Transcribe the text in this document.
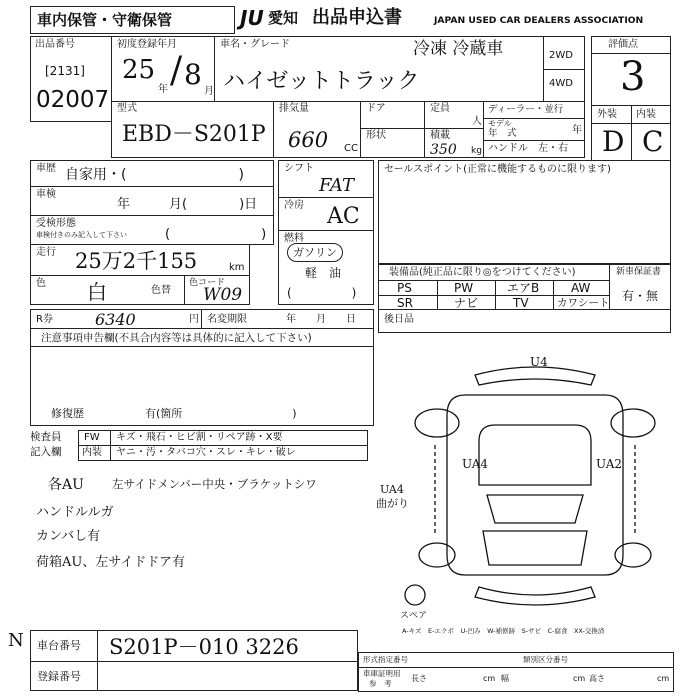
車内保管・守衛保管	JU 愛知 出品申込書	JAPAN USED CAR DEALERS ASSOCIATION
出品番号
[2131]
02007
初度登録年月
25
年 / 8
月
車名・グレード	冷凍 冷蔵車
ハイゼットトラック
2WD
4WD
評価点
3
外装 内装
D C
型式
EBD－S201P
排気量
660 CC
ドア
形状
定員
人
積載
350 kg
ディーラー・並行
モデル
年　式	年
ハンドル 左・右
車歴 自家用・(　　　　　　　　)
車検
年　　　月(　　　　)日
受検形態
車検付きのみ記入して下さい	(　　　　　　　)
走行 25万2千155	km
色 白	色替
色コード
W09
シフト
FAT
冷房 AC
燃料
ガソリン
軽　油
(　　　　　)
セールスポイント(正常に機能するものに限ります)
装備品(純正品に限り◎をつけてください)
PS	PW	エアB	AW
SR	ナビ	TV	カワシート
新車保証書
有・無
R券	6340	円 名変期限	年　　月　　日	後日品
注意事項申告欄(不具合内容等は具体的に記入して下さい)
修復歴	有(箇所　　　　　　　　　　)
検査員
記入欄
FW キズ・飛石・ヒビ割・リペア跡・X要
内装 ヤニ・汚・タバコ穴・スレ・キレ・破レ
各AU 左サイドメンバー中央・ブラケットシワ
ハンドルルガ
カンバし有
荷箱AU、左サイドドア有
U4
UA4	UA2
UA4
曲がり
スペア
A-キズ　E-エクボ　U-凹み　W-補修跡　S-サビ　C-腐食　XX-交換済
N 車台番号 S201P－010 3226
登録番号
形式指定番号	類別区分番号
車庫証明用
参　考
長さ	cm 幅	cm 高さ	cm
